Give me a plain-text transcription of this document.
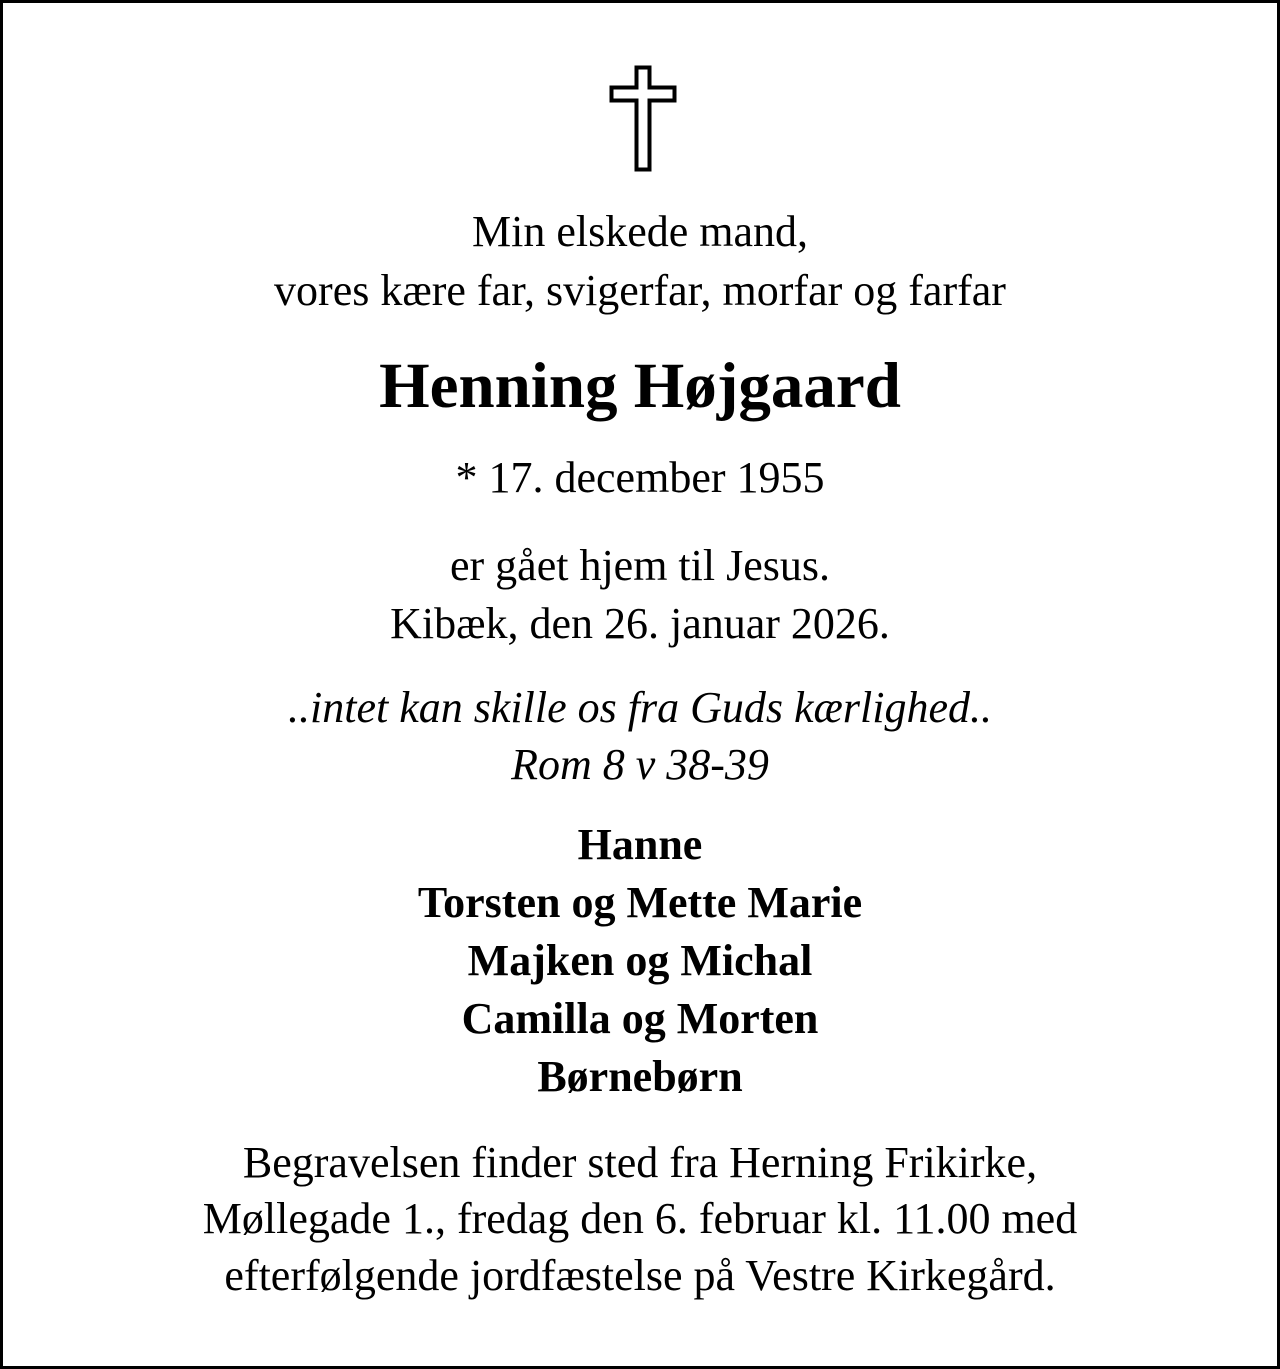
Min elskede mand,
vores kære far, svigerfar, morfar og farfar
Henning Højgaard
* 17. december 1955
er gået hjem til Jesus.
Kibæk, den 26. januar 2026.
..intet kan skille os fra Guds kærlighed..
Rom 8 v 38-39
Hanne
Torsten og Mette Marie
Majken og Michal
Camilla og Morten
Børnebørn
Begravelsen finder sted fra Herning Frikirke,
Møllegade 1., fredag den 6. februar kl. 11.00 med
efterfølgende jordfæstelse på Vestre Kirkegård.
